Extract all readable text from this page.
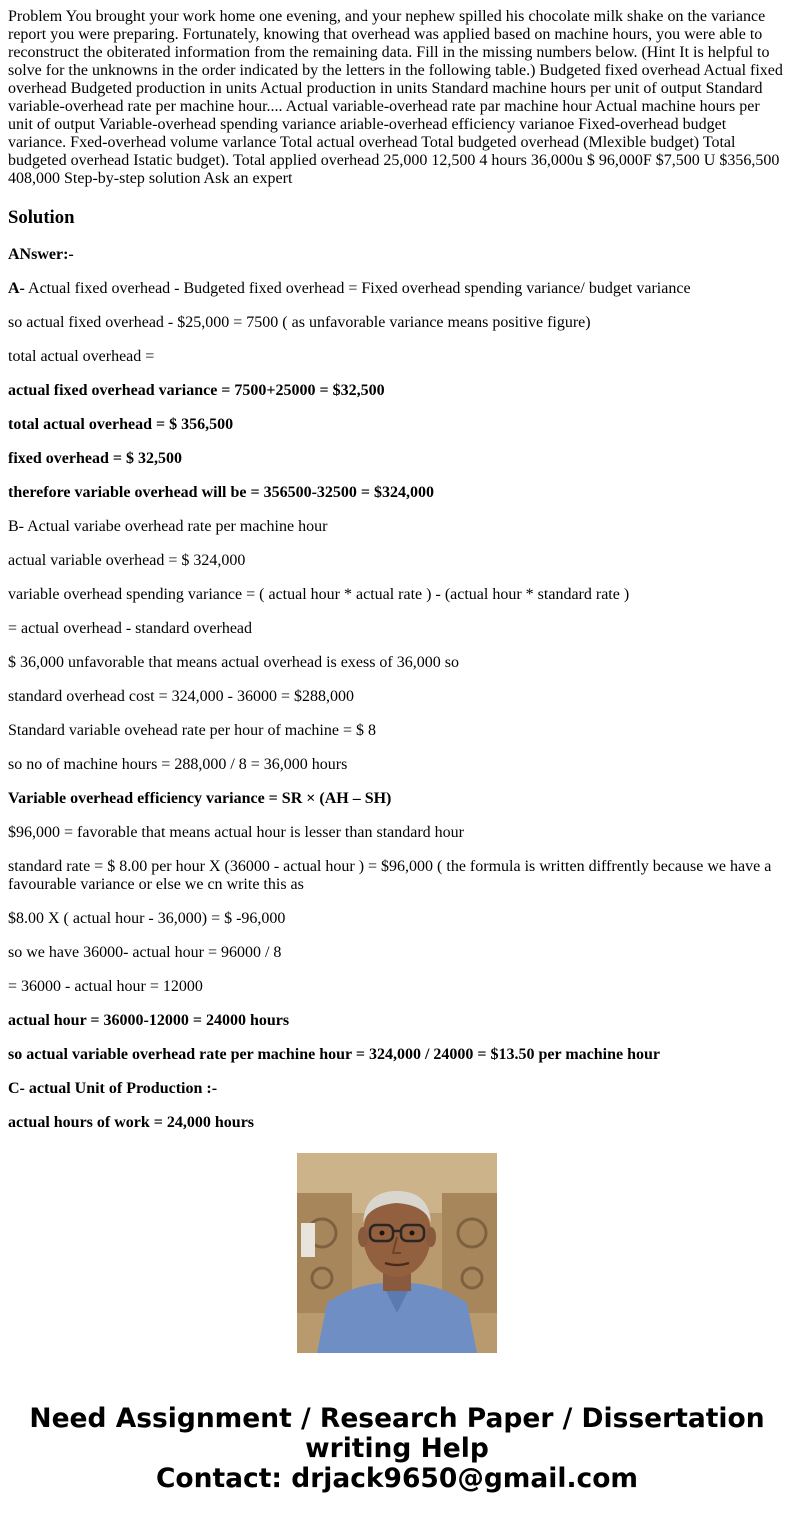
Problem You brought your work home one evening, and your nephew spilled his chocolate milk shake on the variance report you were preparing. Fortunately, knowing that overhead was applied based on machine hours, you were able to reconstruct the obiterated information from the remaining data. Fill in the missing numbers below. (Hint It is helpful to solve for the unknowns in the order indicated by the letters in the following table.) Budgeted fixed overhead Actual fixed overhead Budgeted production in units Actual production in units Standard machine hours per unit of output Standard variable-overhead rate per machine hour.... Actual variable-overhead rate par machine hour Actual machine hours per unit of output Variable-overhead spending variance ariable-overhead efficiency varianoe Fixed-overhead budget variance. Fxed-overhead volume varlance Total actual overhead Total budgeted overhead (Mlexible budget) Total budgeted overhead Istatic budget). Total applied overhead 25,000 12,500 4 hours 36,000u $ 96,000F $7,500 U $356,500 408,000 Step-by-step solution Ask an expert
Solution

ANswer:-

A- Actual fixed overhead - Budgeted fixed overhead = Fixed overhead spending variance/ budget variance

so actual fixed overhead - $25,000 = 7500 ( as unfavorable variance means positive figure)

total actual overhead =

actual fixed overhead variance = 7500+25000 = $32,500

total actual overhead = $ 356,500

fixed overhead = $ 32,500

therefore variable overhead will be = 356500-32500 = $324,000

B- Actual variabe overhead rate per machine hour

actual variable overhead = $ 324,000

variable overhead spending variance = ( actual hour * actual rate ) - (actual hour * standard rate )

= actual overhead - standard overhead

$ 36,000 unfavorable that means actual overhead is exess of 36,000 so

standard overhead cost = 324,000 - 36000 = $288,000

Standard variable ovehead rate per hour of machine = $ 8

so no of machine hours = 288,000 / 8 = 36,000 hours

Variable overhead efficiency variance = SR × (AH – SH)

$96,000 = favorable that means actual hour is lesser than standard hour

standard rate = $ 8.00 per hour X (36000 - actual hour ) = $96,000 ( the formula is written diffrently because we have a favourable variance or else we cn write this as

$8.00 X ( actual hour - 36,000) = $ -96,000

so we have 36000- actual hour = 96000 / 8

= 36000 - actual hour = 12000

actual hour = 36000-12000 = 24000 hours

so actual variable overhead rate per machine hour = 324,000 / 24000 = $13.50 per machine hour

C- actual Unit of Production :-

actual hours of work = 24,000 hours

Need Assignment / Research Paper / Dissertation
writing Help
Contact: drjack9650@gmail.com
